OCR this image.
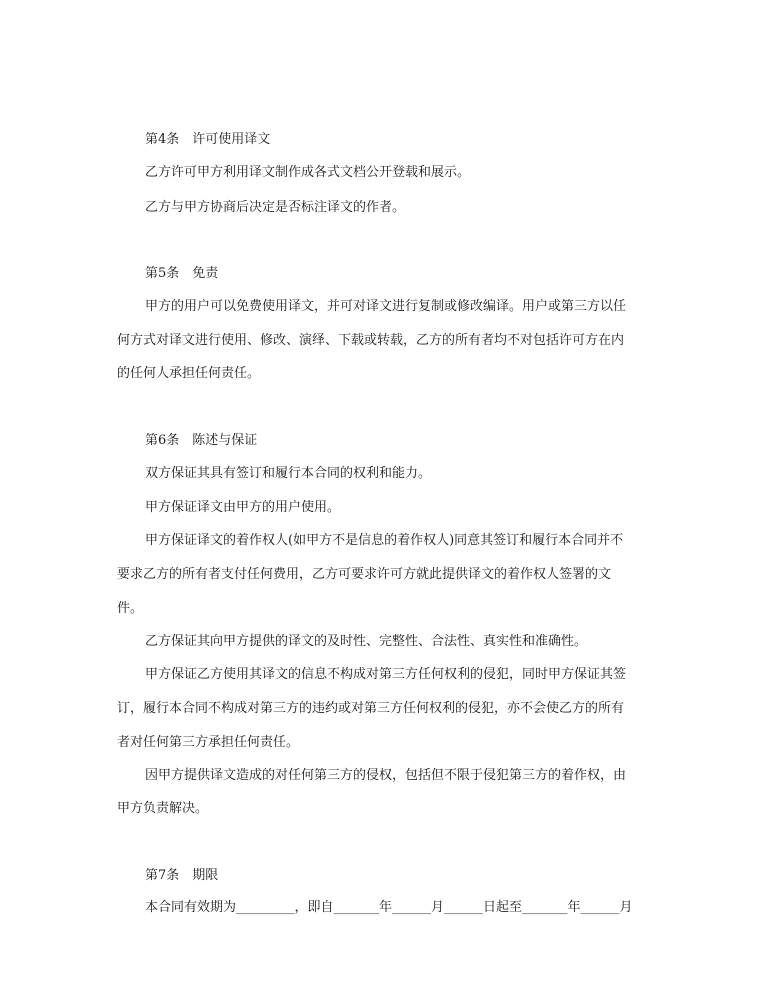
第4条　许可使用译文
乙方许可甲方利用译文制作成各式文档公开登载和展示。
乙方与甲方协商后决定是否标注译文的作者。
第5条　免责
甲方的用户可以免费使用译文，并可对译文进行复制或修改编译。用户或第三方以任
何方式对译文进行使用、修改、演绎、下载或转载，乙方的所有者均不对包括许可方在内
的任何人承担任何责任。
第6条　陈述与保证
双方保证其具有签订和履行本合同的权利和能力。
甲方保证译文由甲方的用户使用。
甲方保证译文的着作权人(如甲方不是信息的着作权人)同意其签订和履行本合同并不
要求乙方的所有者支付任何费用，乙方可要求许可方就此提供译文的着作权人签署的文
件。
乙方保证其向甲方提供的译文的及时性、完整性、合法性、真实性和准确性。
甲方保证乙方使用其译文的信息不构成对第三方任何权利的侵犯，同时甲方保证其签
订，履行本合同不构成对第三方的违约或对第三方任何权利的侵犯，亦不会使乙方的所有
者对任何第三方承担任何责任。
因甲方提供译文造成的对任何第三方的侵权，包括但不限于侵犯第三方的着作权，由
甲方负责解决。
第7条　期限
本合同有效期为_________，即自_______年______月______日起至_______年______月
